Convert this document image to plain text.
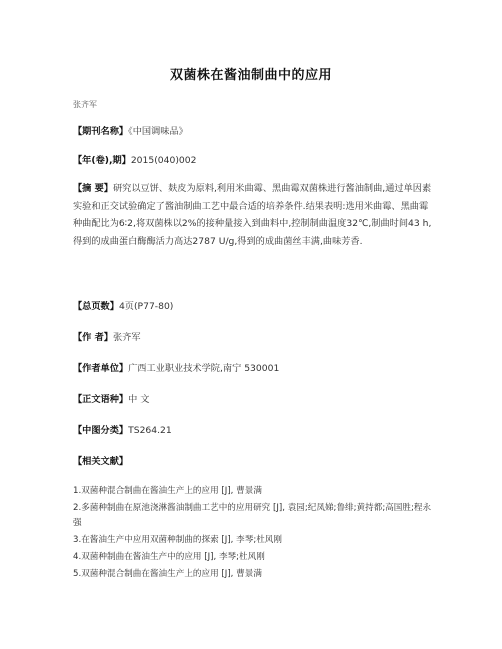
双菌株在酱油制曲中的应用

张齐军

【期刊名称】《中国调味品》

【年(卷),期】2015(040)002

【摘 要】研究以豆饼、麸皮为原料,利用米曲霉、黑曲霉双菌株进行酱油制曲,通过单因素实验和正交试验确定了酱油制曲工艺中最合适的培养条件.结果表明:选用米曲霉、黑曲霉种曲配比为6∶2,将双菌株以2%的接种量接入到曲料中,控制制曲温度32℃,制曲时间43 h,得到的成曲蛋白酶酶活力高达2787 U/g,得到的成曲菌丝丰满,曲味芳香.

【总页数】4页(P77-80)

【作 者】张齐军

【作者单位】广西工业职业技术学院,南宁 530001

【正文语种】中 文

【中图分类】TS264.21

【相关文献】

1.双菌种混合制曲在酱油生产上的应用 [J], 曹景满
2.多菌种制曲在原池浇淋酱油制曲工艺中的应用研究 [J], 袁园;纪凤娣;鲁绯;黄持都;高国胜;程永强
3.在酱油生产中应用双菌种制曲的探索 [J], 李琴;杜风刚
4.双菌种制曲在酱油生产中的应用 [J], 李琴;杜风刚
5.双菌种混合制曲在酱油生产上的应用 [J], 曹景满
